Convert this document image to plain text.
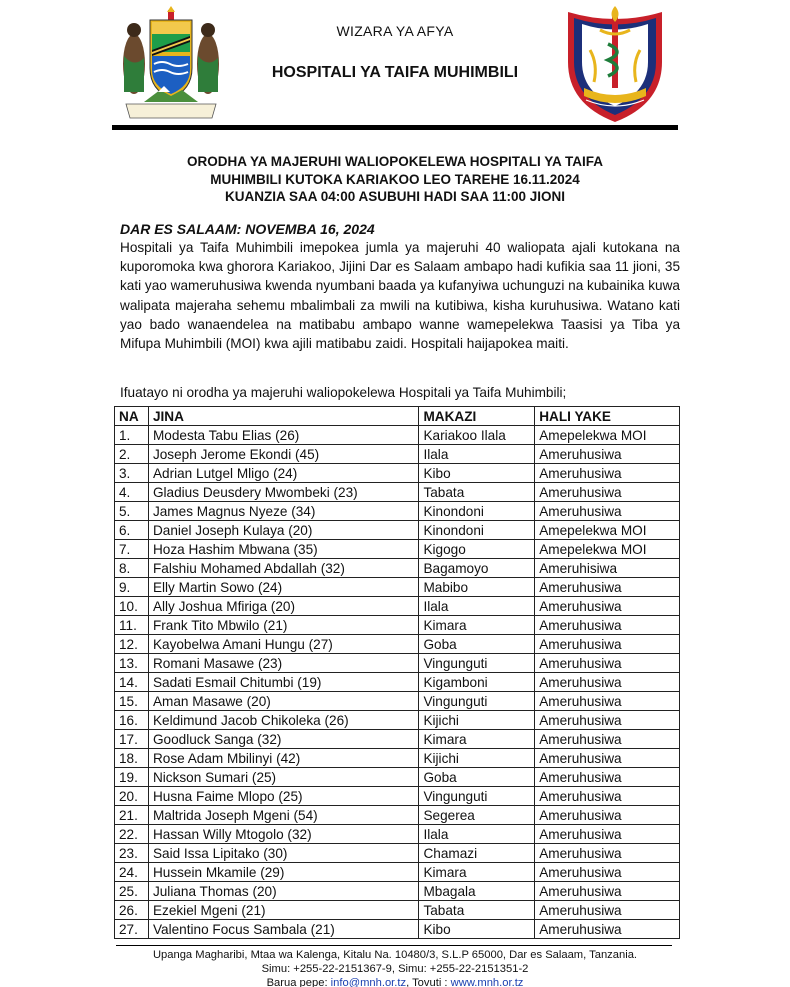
WIZARA YA AFYA
HOSPITALI YA TAIFA MUHIMBILI
ORODHA YA MAJERUHI WALIOPOKELEWA HOSPITALI YA TAIFA
MUHIMBILI KUTOKA KARIAKOO LEO TAREHE 16.11.2024
KUANZIA SAA 04:00 ASUBUHI HADI SAA 11:00 JIONI
DAR ES SALAAM: NOVEMBA 16, 2024

Hospitali ya Taifa Muhimbili imepokea jumla ya majeruhi 40 waliopata ajali kutokana na kuporomoka kwa ghorora Kariakoo, Jijini Dar es Salaam ambapo hadi kufikia saa 11 jioni, 35 kati yao wameruhusiwa kwenda nyumbani baada ya kufanyiwa uchunguzi na kubainika kuwa walipata majeraha sehemu mbalimbali za mwili na kutibiwa, kisha kuruhusiwa. Watano kati yao bado wanaendelea na matibabu ambapo wanne wamepelekwa Taasisi ya Tiba ya Mifupa Muhimbili (MOI) kwa ajili matibabu zaidi. Hospitali haijapokea maiti.

Ifuatayo ni orodha ya majeruhi waliopokelewa Hospitali ya Taifa Muhimbili;
NA	JINA	MAKAZI	HALI YAKE
1.	Modesta Tabu Elias (26)	Kariakoo Ilala	Amepelekwa MOI
2.	Joseph Jerome Ekondi (45)	Ilala	Ameruhusiwa
3.	Adrian Lutgel Mligo (24)	Kibo	Ameruhusiwa
4.	Gladius Deusdery Mwombeki (23)	Tabata	Ameruhusiwa
5.	James Magnus Nyeze (34)	Kinondoni	Ameruhusiwa
6.	Daniel Joseph Kulaya (20)	Kinondoni	Amepelekwa MOI
7.	Hoza Hashim Mbwana (35)	Kigogo	Amepelekwa MOI
8.	Falshiu Mohamed Abdallah (32)	Bagamoyo	Ameruhisiwa
9.	Elly Martin Sowo (24)	Mabibo	Ameruhusiwa
10.	Ally Joshua Mfiriga (20)	Ilala	Ameruhusiwa
11.	Frank Tito Mbwilo (21)	Kimara	Ameruhusiwa
12.	Kayobelwa Amani Hungu (27)	Goba	Ameruhusiwa
13.	Romani Masawe (23)	Vingunguti	Ameruhusiwa
14.	Sadati Esmail Chitumbi (19)	Kigamboni	Ameruhusiwa
15.	Aman Masawe (20)	Vingunguti	Ameruhusiwa
16.	Keldimund Jacob Chikoleka (26)	Kijichi	Ameruhusiwa
17.	Goodluck Sanga (32)	Kimara	Ameruhusiwa
18.	Rose Adam Mbilinyi (42)	Kijichi	Ameruhusiwa
19.	Nickson Sumari (25)	Goba	Ameruhusiwa
20.	Husna Faime Mlopo (25)	Vingunguti	Ameruhusiwa
21.	Maltrida Joseph Mgeni (54)	Segerea	Ameruhusiwa
22.	Hassan Willy Mtogolo (32)	Ilala	Ameruhusiwa
23.	Said Issa Lipitako (30)	Chamazi	Ameruhusiwa
24.	Hussein Mkamile (29)	Kimara	Ameruhusiwa
25.	Juliana Thomas (20)	Mbagala	Ameruhusiwa
26.	Ezekiel Mgeni (21)	Tabata	Ameruhusiwa
27.	Valentino Focus Sambala (21)	Kibo	Ameruhusiwa
Upanga Magharibi, Mtaa wa Kalenga, Kitalu Na. 10480/3, S.L.P 65000, Dar es Salaam, Tanzania.
Simu: +255-22-2151367-9, Simu: +255-22-2151351-2
Barua pepe: info@mnh.or.tz, Tovuti : www.mnh.or.tz
